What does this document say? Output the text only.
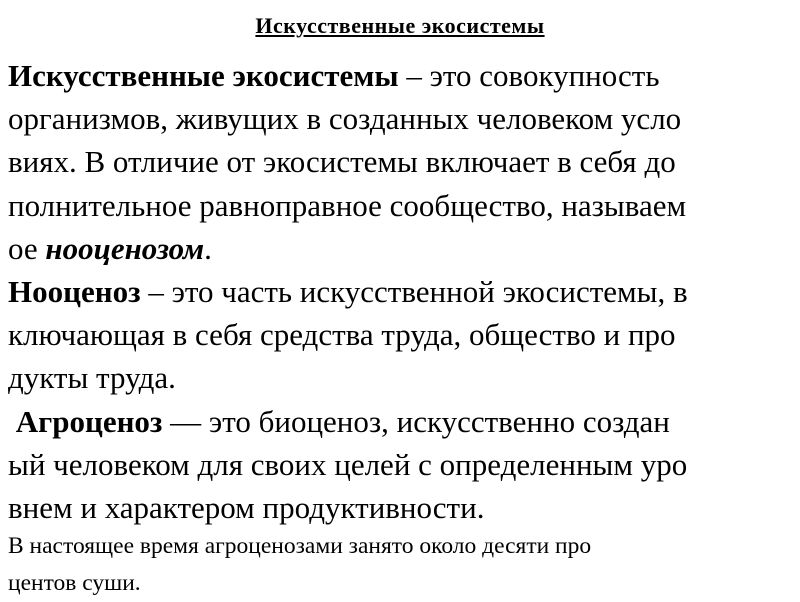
Искусственные экосистемы
Искусственные экосистемы – это совокупность
организмов, живущих в созданных человеком усло
виях. В отличие от экосистемы включает в себя до
полнительное равноправное сообщество, называем
ое нооценозом.
Нооценоз – это часть искусственной экосистемы, в
ключающая в себя средства труда, общество и про
дукты труда.
Агроценоз — это биоценоз, искусственно создан
ый человеком для своих целей с определенным уро
внем и характером продуктивности.
В настоящее время агроценозами занято около десяти про
центов суши.
